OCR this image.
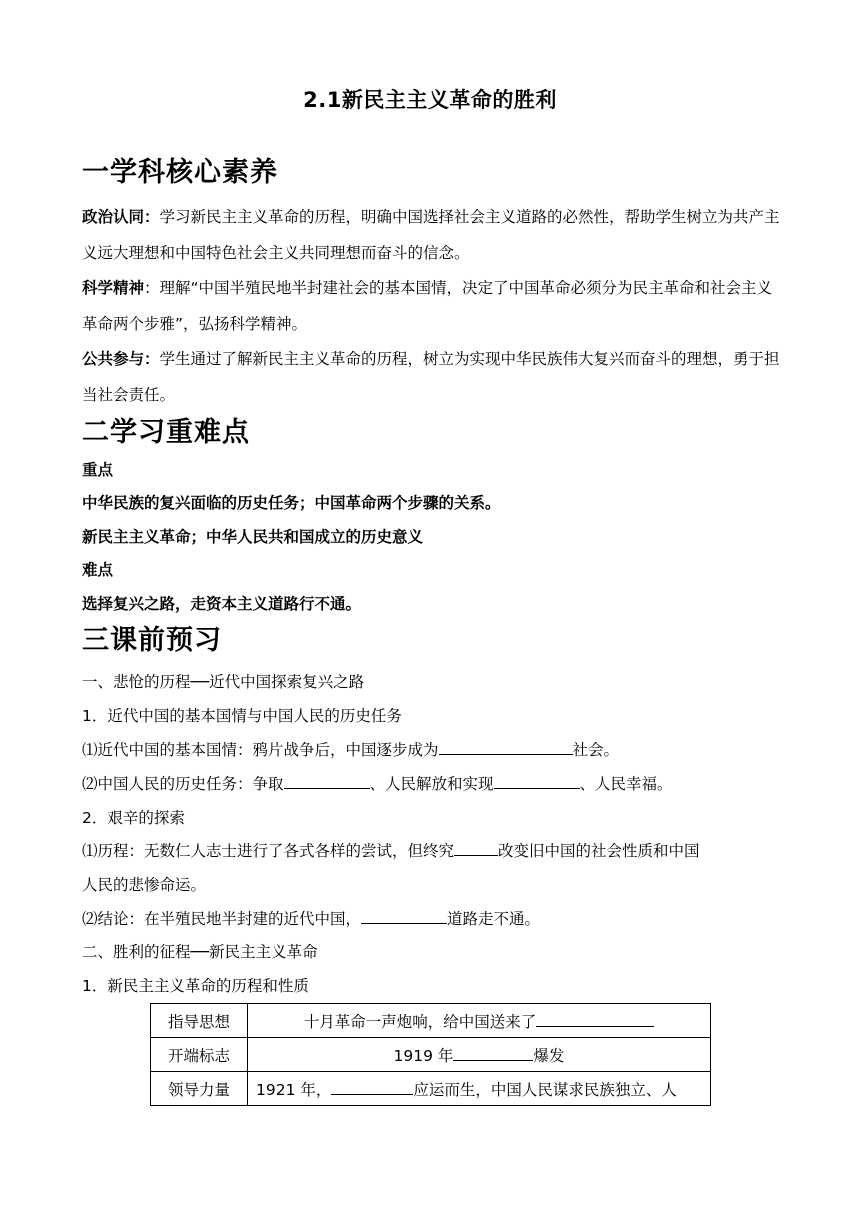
2.1新民主主义革命的胜利
一学科核心素养
政治认同：学习新民主主义革命的历程，明确中国选择社会主义道路的必然性，帮助学生树立为共产主义远大理想和中国特色社会主义共同理想而奋斗的信念。
科学精神：理解“中国半殖民地半封建社会的基本国情，决定了中国革命必须分为民主革命和社会主义革命两个步雅”，弘扬科学精神。
公共参与：学生通过了解新民主主义革命的历程，树立为实现中华民族伟大复兴而奋斗的理想，勇于担当社会责任。
二学习重难点
重点
中华民族的复兴面临的历史任务；中国革命两个步骤的关系。
新民主主义革命；中华人民共和国成立的历史意义
难点
选择复兴之路，走资本主义道路行不通。
三课前预习
一、悲怆的历程──近代中国探索复兴之路
1．近代中国的基本国情与中国人民的历史任务
⑴近代中国的基本国情：鸦片战争后，中国逐步成为	社会。
⑵中国人民的历史任务：争取	、人民解放和实现	、人民幸福。
2．艰辛的探索
⑴历程：无数仁人志士进行了各式各样的尝试，但终究	改变旧中国的社会性质和中国
人民的悲惨命运。
⑵结论：在半殖民地半封建的近代中国，	道路走不通。
二、胜利的征程──新民主主义革命
1．新民主主义革命的历程和性质
指导思想	十月革命一声炮响，给中国送来了
开端标志	1919 年 爆发
领导力量	1921 年， 应运而生，中国人民谋求民族独立、人
